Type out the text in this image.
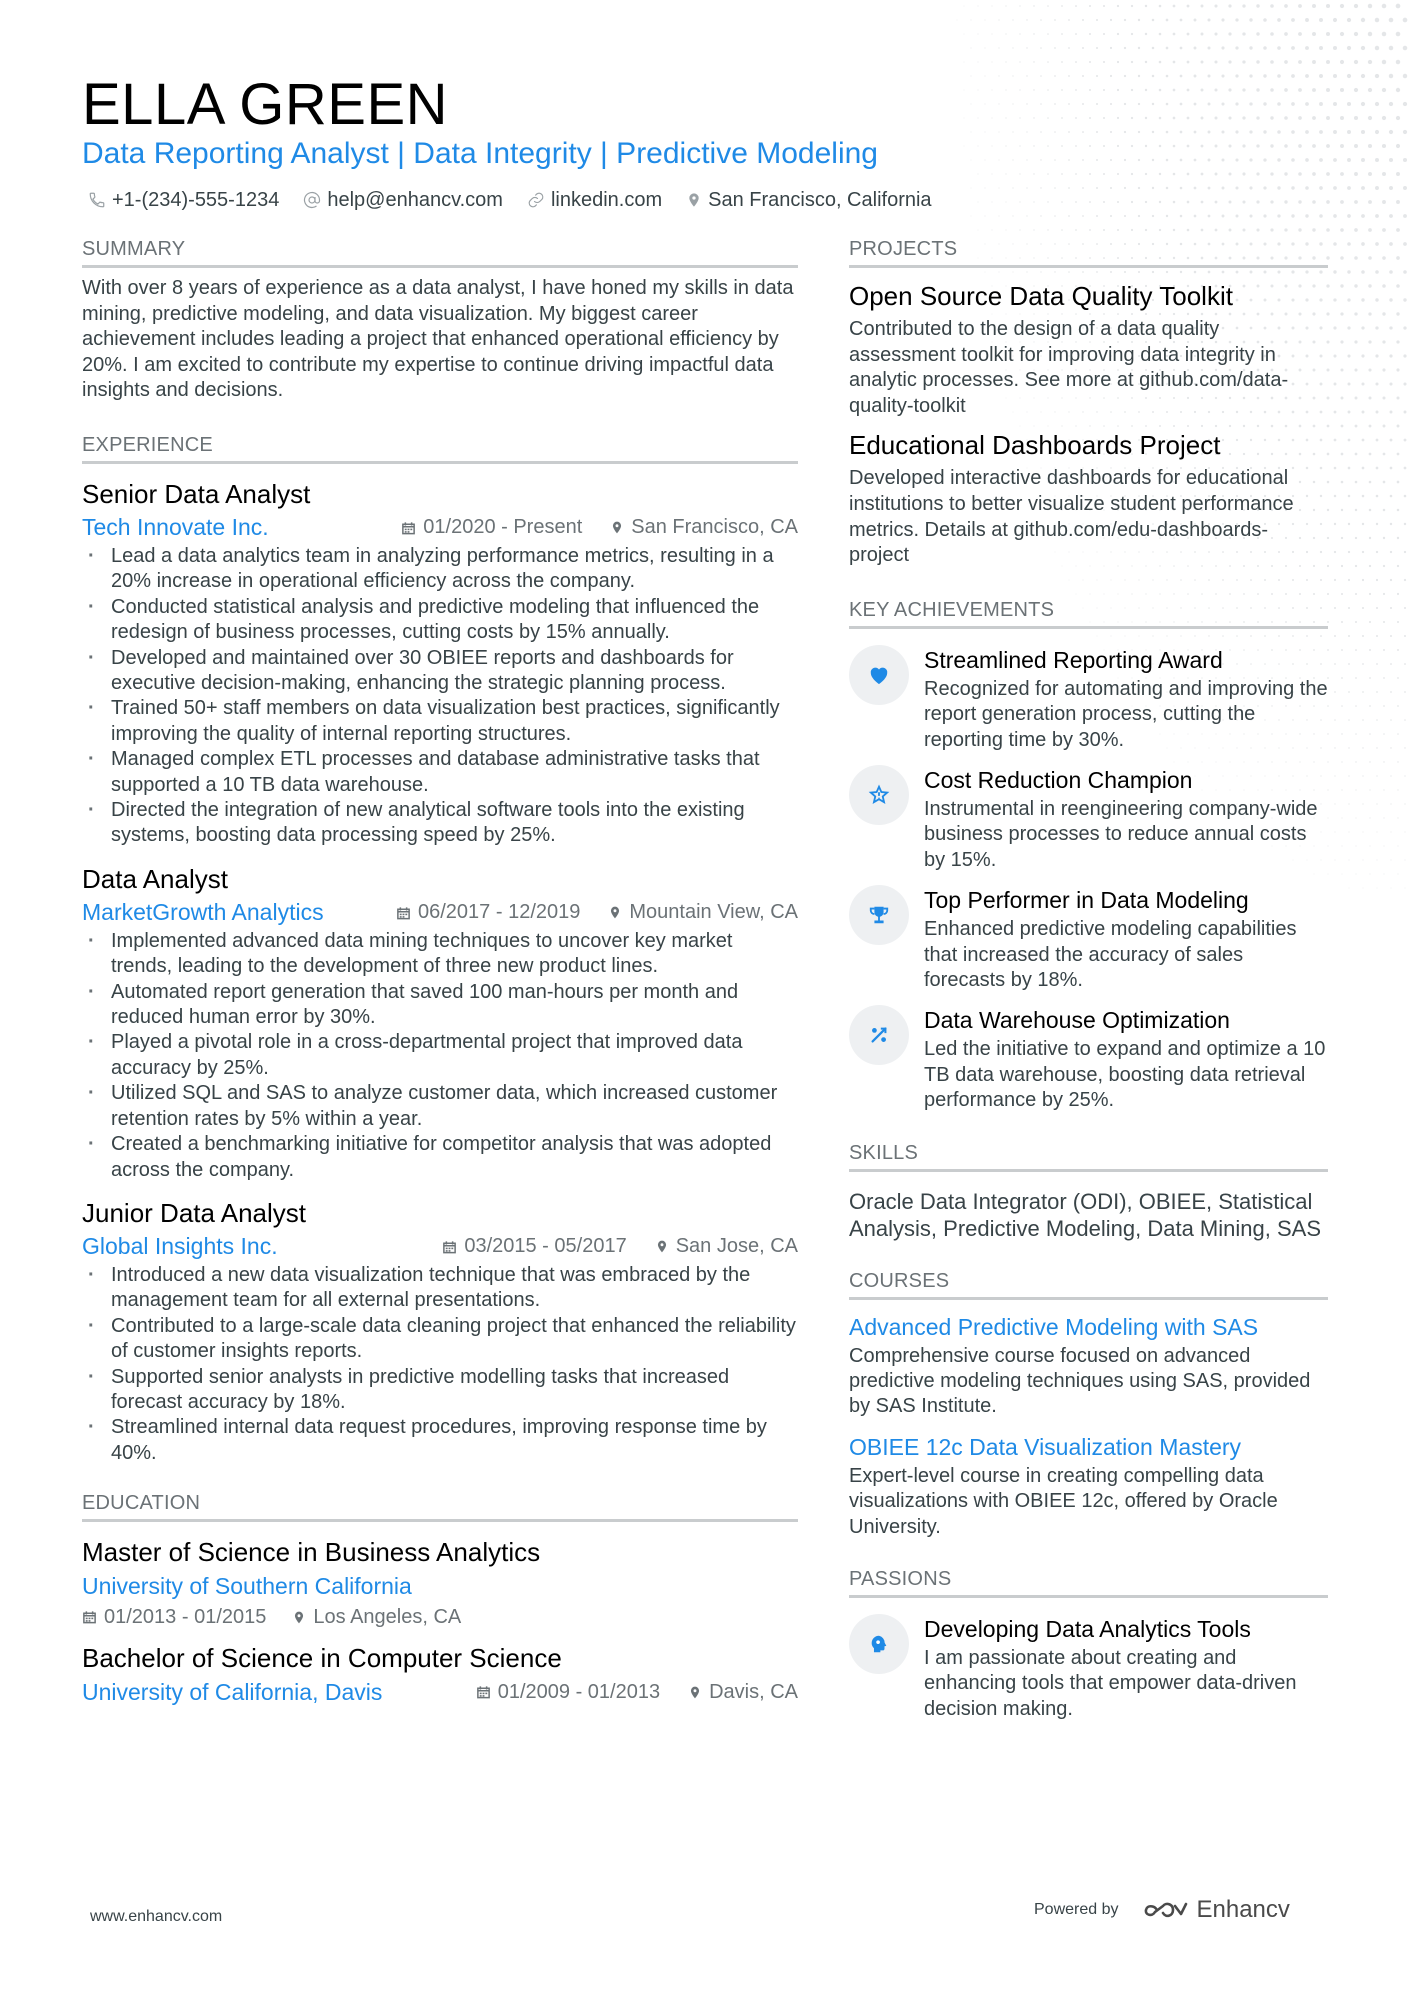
ELLA GREEN
Data Reporting Analyst | Data Integrity | Predictive Modeling
+1-(234)-555-1234 help@enhancv.com linkedin.com San Francisco, California
SUMMARY

With over 8 years of experience as a data analyst, I have honed my skills in data mining, predictive modeling, and data visualization. My biggest career achievement includes leading a project that enhanced operational efficiency by 20%. I am excited to contribute my expertise to continue driving impactful data insights and decisions.

EXPERIENCE
Senior Data Analyst
Tech Innovate Inc.	01/2020 - Present San Francisco, CA
· Lead a data analytics team in analyzing performance metrics, resulting in a 20% increase in operational efficiency across the company.
· Conducted statistical analysis and predictive modeling that influenced the redesign of business processes, cutting costs by 15% annually.
· Developed and maintained over 30 OBIEE reports and dashboards for executive decision-making, enhancing the strategic planning process.
· Trained 50+ staff members on data visualization best practices, significantly improving the quality of internal reporting structures.
· Managed complex ETL processes and database administrative tasks that supported a 10 TB data warehouse.
· Directed the integration of new analytical software tools into the existing systems, boosting data processing speed by 25%.
Data Analyst
MarketGrowth Analytics	06/2017 - 12/2019 Mountain View, CA
· Implemented advanced data mining techniques to uncover key market trends, leading to the development of three new product lines.
· Automated report generation that saved 100 man-hours per month and reduced human error by 30%.
· Played a pivotal role in a cross-departmental project that improved data accuracy by 25%.
· Utilized SQL and SAS to analyze customer data, which increased customer retention rates by 5% within a year.
· Created a benchmarking initiative for competitor analysis that was adopted across the company.
Junior Data Analyst
Global Insights Inc.	03/2015 - 05/2017 San Jose, CA
· Introduced a new data visualization technique that was embraced by the management team for all external presentations.
· Contributed to a large-scale data cleaning project that enhanced the reliability of customer insights reports.
· Supported senior analysts in predictive modelling tasks that increased forecast accuracy by 18%.
· Streamlined internal data request procedures, improving response time by 40%.
EDUCATION
Master of Science in Business Analytics
University of Southern California
01/2013 - 01/2015 Los Angeles, CA
Bachelor of Science in Computer Science
University of California, Davis	01/2009 - 01/2013 Davis, CA
PROJECTS
Open Source Data Quality Toolkit

Contributed to the design of a data quality assessment toolkit for improving data integrity in analytic processes. See more at github.com/data-quality-toolkit

Educational Dashboards Project

Developed interactive dashboards for educational institutions to better visualize student performance metrics. Details at github.com/edu-dashboards-project

KEY ACHIEVEMENTS
Streamlined Reporting Award

Recognized for automating and improving the report generation process, cutting the reporting time by 30%.

Cost Reduction Champion

Instrumental in reengineering company-wide business processes to reduce annual costs by 15%.

Top Performer in Data Modeling

Enhanced predictive modeling capabilities that increased the accuracy of sales forecasts by 18%.

Data Warehouse Optimization

Led the initiative to expand and optimize a 10 TB data warehouse, boosting data retrieval performance by 25%.

SKILLS

Oracle Data Integrator (ODI), OBIEE, Statistical Analysis, Predictive Modeling, Data Mining, SAS

COURSES
Advanced Predictive Modeling with SAS

Comprehensive course focused on advanced predictive modeling techniques using SAS, provided by SAS Institute.

OBIEE 12c Data Visualization Mastery

Expert-level course in creating compelling data visualizations with OBIEE 12c, offered by Oracle University.

PASSIONS
Developing Data Analytics Tools

I am passionate about creating and enhancing tools that empower data-driven decision making.

www.enhancv.com	Powered by	Enhancv
